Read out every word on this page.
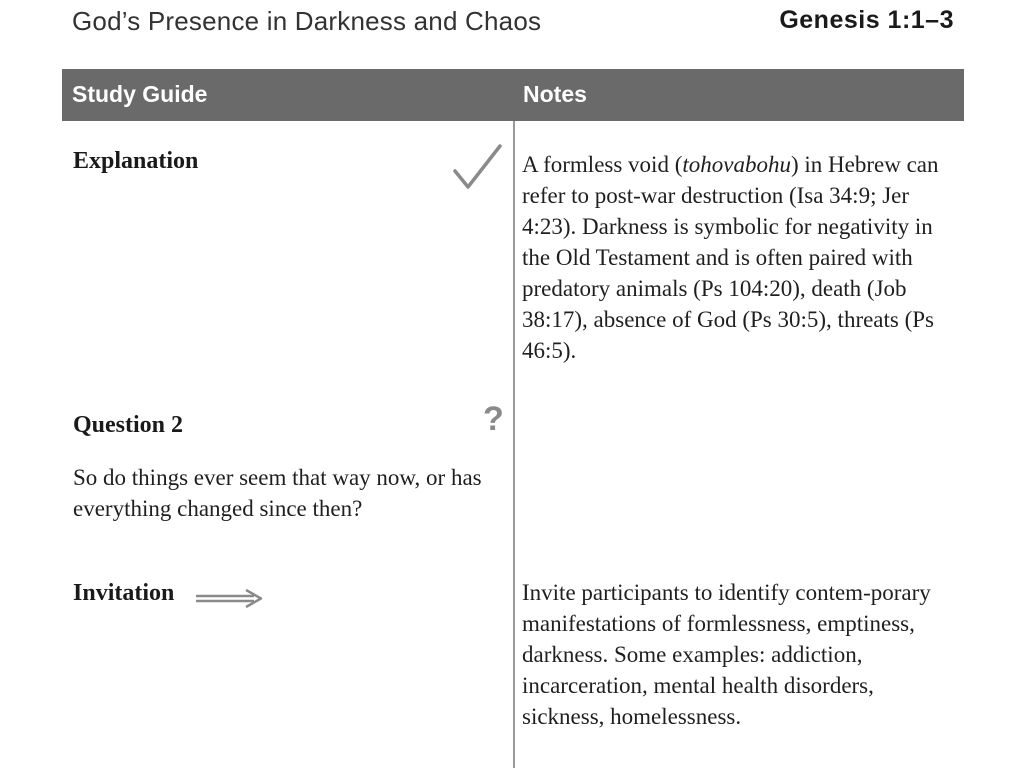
God’s Presence in Darkness and Chaos	Genesis 1:1–3
Study Guide	Notes
Explanation	A formless void (tohovabohu) in Hebrew can refer to post-war destruction (Isa 34:9; Jer 4:23). Darkness is symbolic for negativity in the Old Testament and is often paired with predatory animals (Ps 104:20), death (Job 38:17), absence of God (Ps 30:5), threats (Ps 46:5).
Question 2	?
So do things ever seem that way now, or has everything changed since then?
Invitation	Invite participants to identify contem-porary manifestations of formlessness, emptiness, darkness. Some examples: addiction, incarceration, mental health disorders, sickness, homelessness.
